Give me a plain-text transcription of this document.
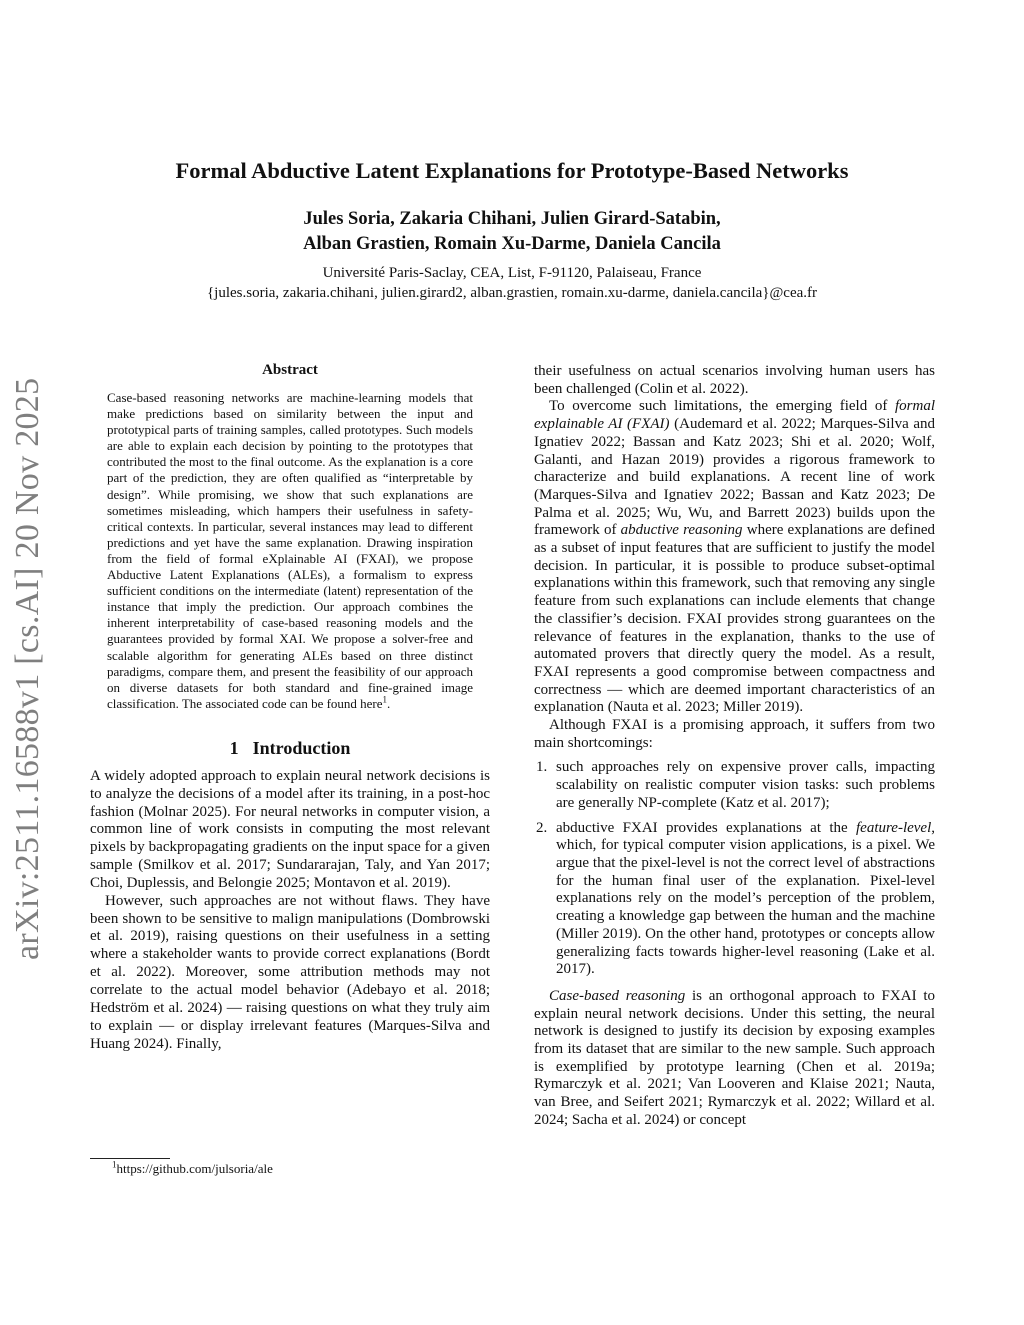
arXiv:2511.16588v1 [cs.AI] 20 Nov 2025
Formal Abductive Latent Explanations for Prototype-Based Networks
Jules Soria, Zakaria Chihani, Julien Girard-Satabin,
Alban Grastien, Romain Xu-Darme, Daniela Cancila
Université Paris-Saclay, CEA, List, F-91120, Palaiseau, France
{jules.soria, zakaria.chihani, julien.girard2, alban.grastien, romain.xu-darme, daniela.cancila}@cea.fr
Abstract

Case-based reasoning networks are machine-learning models that make predictions based on similarity between the input and prototypical parts of training samples, called prototypes. Such models are able to explain each decision by pointing to the prototypes that contributed the most to the final outcome. As the explanation is a core part of the prediction, they are often qualified as “interpretable by design”. While promising, we show that such explanations are sometimes misleading, which hampers their usefulness in safety-critical contexts. In particular, several instances may lead to different predictions and yet have the same explanation. Drawing inspiration from the field of formal eXplainable AI (FXAI), we propose Abductive Latent Explanations (ALEs), a formalism to express sufficient conditions on the intermediate (latent) representation of the instance that imply the prediction. Our approach combines the inherent interpretability of case-based reasoning models and the guarantees provided by formal XAI. We propose a solver-free and scalable algorithm for generating ALEs based on three distinct paradigms, compare them, and present the feasibility of our approach on diverse datasets for both standard and fine-grained image classification. The associated code can be found here$^1$.

1 Introduction

A widely adopted approach to explain neural network decisions is to analyze the decisions of a model after its training, in a post-hoc fashion (Molnar 2025). For neural networks in computer vision, a common line of work consists in computing the most relevant pixels by backpropagating gradients on the input space for a given sample (Smilkov et al. 2017; Sundararajan, Taly, and Yan 2017; Choi, Duplessis, and Belongie 2025; Montavon et al. 2019).

However, such approaches are not without flaws. They have been shown to be sensitive to malign manipulations (Dombrowski et al. 2019), raising questions on their usefulness in a setting where a stakeholder wants to provide correct explanations (Bordt et al. 2022). Moreover, some attribution methods may not correlate to the actual model behavior (Adebayo et al. 2018; Hedström et al. 2024) — raising questions on what they truly aim to explain — or display irrelevant features (Marques-Silva and Huang 2024). Finally,

their usefulness on actual scenarios involving human users has been challenged (Colin et al. 2022).

To overcome such limitations, the emerging field of formal explainable AI (FXAI) (Audemard et al. 2022; Marques-Silva and Ignatiev 2022; Bassan and Katz 2023; Shi et al. 2020; Wolf, Galanti, and Hazan 2019) provides a rigorous framework to characterize and build explanations. A recent line of work (Marques-Silva and Ignatiev 2022; Bassan and Katz 2023; De Palma et al. 2025; Wu, Wu, and Barrett 2023) builds upon the framework of abductive reasoning where explanations are defined as a subset of input features that are sufficient to justify the model decision. In particular, it is possible to produce subset-optimal explanations within this framework, such that removing any single feature from such explanations can include elements that change the classifier’s decision. FXAI provides strong guarantees on the relevance of features in the explanation, thanks to the use of automated provers that directly query the model. As a result, FXAI represents a good compromise between compactness and correctness — which are deemed important characteristics of an explanation (Nauta et al. 2023; Miller 2019).

Although FXAI is a promising approach, it suffers from two main shortcomings:

1. such approaches rely on expensive prover calls, impacting scalability on realistic computer vision tasks: such problems are generally NP-complete (Katz et al. 2017);
2. abductive FXAI provides explanations at the feature-level, which, for typical computer vision applications, is a pixel. We argue that the pixel-level is not the correct level of abstractions for the human final user of the explanation. Pixel-level explanations rely on the model’s perception of the problem, creating a knowledge gap between the human and the machine (Miller 2019). On the other hand, prototypes or concepts allow generalizing facts towards higher-level reasoning (Lake et al. 2017).

Case-based reasoning is an orthogonal approach to FXAI to explain neural network decisions. Under this setting, the neural network is designed to justify its decision by exposing examples from its dataset that are similar to the new sample. Such approach is exemplified by prototype learning (Chen et al. 2019a; Rymarczyk et al. 2021; Van Looveren and Klaise 2021; Nauta, van Bree, and Seifert 2021; Rymarczyk et al. 2022; Willard et al. 2024; Sacha et al. 2024) or concept

$^1$https://github.com/julsoria/ale
